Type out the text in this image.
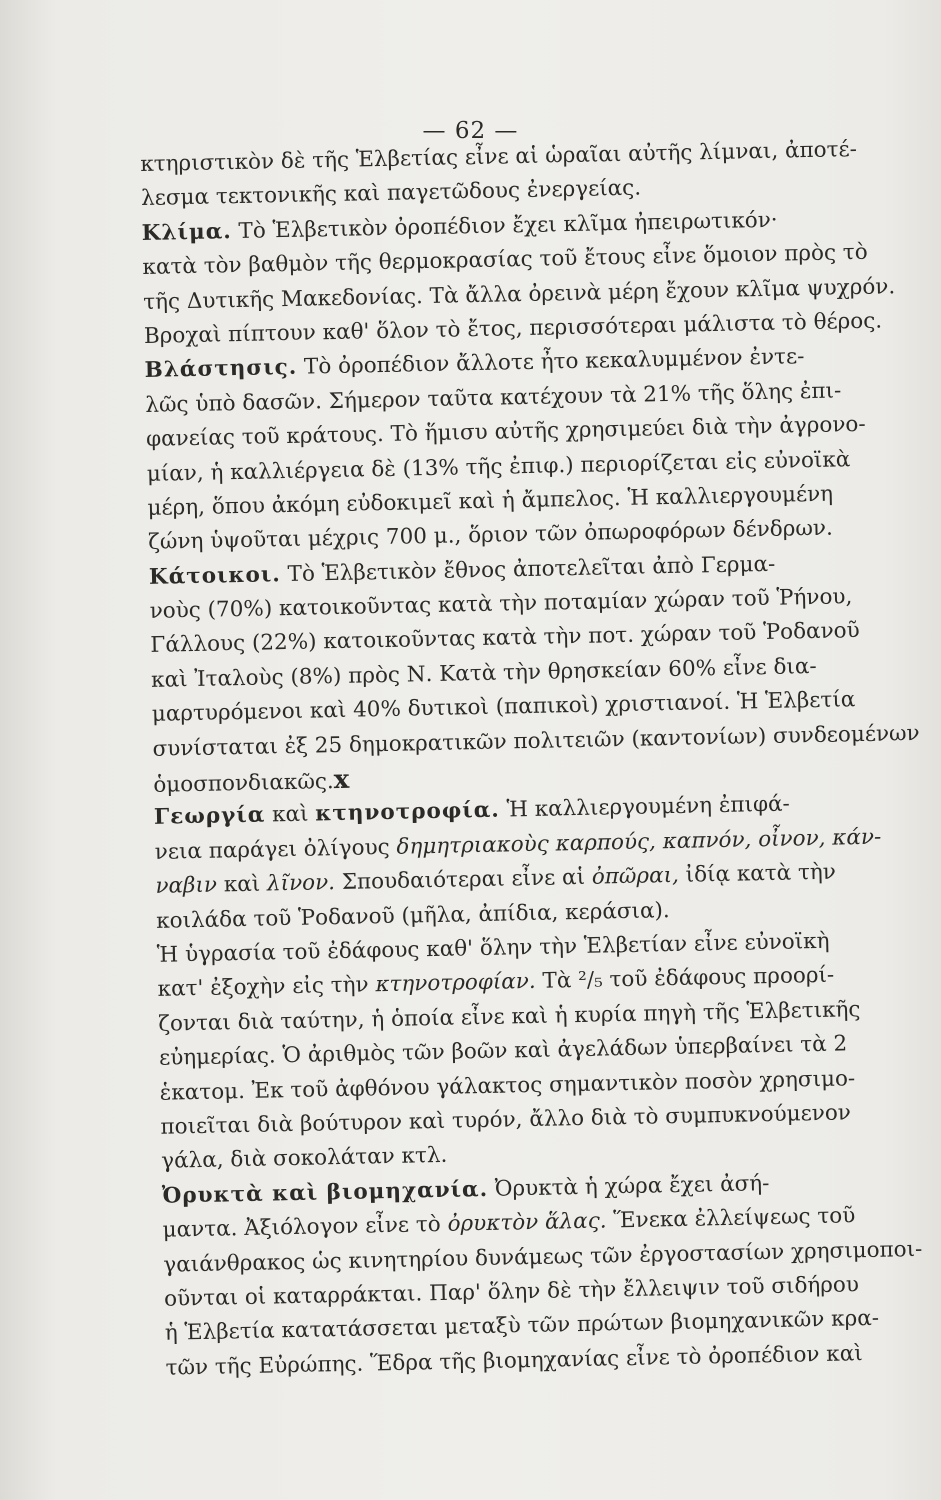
— 62 —
κτηριστικὸν δὲ τῆς Ἑλβετίας εἶνε αἱ ὡραῖαι αὐτῆς λίμναι, ἀποτέ-
λεσμα τεκτονικῆς καὶ παγετῶδους ἐνεργείας.
Κλίμα. Τὸ Ἑλβετικὸν ὀροπέδιον ἔχει κλῖμα ἠπειρωτικόν·
κατὰ τὸν βαθμὸν τῆς θερμοκρασίας τοῦ ἔτους εἶνε ὅμοιον πρὸς τὸ
τῆς Δυτικῆς Μακεδονίας. Τὰ ἄλλα ὀρεινὰ μέρη ἔχουν κλῖμα ψυχρόν.
Βροχαὶ πίπτουν καθ' ὅλον τὸ ἔτος, περισσότεραι μάλιστα τὸ θέρος.
Βλάστησις. Τὸ ὀροπέδιον ἄλλοτε ἦτο κεκαλυμμένον ἐντε-
λῶς ὑπὸ δασῶν. Σήμερον ταῦτα κατέχουν τὰ 21% τῆς ὅλης ἐπι-
φανείας τοῦ κράτους. Τὸ ἥμισυ αὐτῆς χρησιμεύει διὰ τὴν ἀγρονο-
μίαν, ἡ καλλιέργεια δὲ (13% τῆς ἐπιφ.) περιορίζεται εἰς εὐνοϊκὰ
μέρη, ὅπου ἀκόμη εὐδοκιμεῖ καὶ ἡ ἄμπελος. Ἡ καλλιεργουμένη
ζώνη ὑψοῦται μέχρις 700 μ., ὅριον τῶν ὀπωροφόρων δένδρων.
Κάτοικοι. Τὸ Ἑλβετικὸν ἔθνος ἀποτελεῖται ἀπὸ Γερμα-
νοὺς (70%) κατοικοῦντας κατὰ τὴν ποταμίαν χώραν τοῦ Ῥήνου,
Γάλλους (22%) κατοικοῦντας κατὰ τὴν ποτ. χώραν τοῦ Ῥοδανοῦ
καὶ Ἰταλοὺς (8%) πρὸς Ν. Κατὰ τὴν θρησκείαν 60% εἶνε δια-
μαρτυρόμενοι καὶ 40% δυτικοὶ (παπικοὶ) χριστιανοί. Ἡ Ἑλβετία
συνίσταται ἐξ 25 δημοκρατικῶν πολιτειῶν (καντονίων) συνδεομένων
ὁμοσπονδιακῶς.x
Γεωργία καὶ κτηνοτροφία. Ἡ καλλιεργουμένη ἐπιφά-
νεια παράγει ὀλίγους δημητριακοὺς καρπούς, καπνόν, οἶνον, κάν-
ναβιν καὶ λῖνον. Σπουδαιότεραι εἶνε αἱ ὀπῶραι, ἰδίᾳ κατὰ τὴν
κοιλάδα τοῦ Ῥοδανοῦ (μῆλα, ἀπίδια, κεράσια).
Ἡ ὑγρασία τοῦ ἐδάφους καθ' ὅλην τὴν Ἑλβετίαν εἶνε εὐνοϊκὴ
κατ' ἐξοχὴν εἰς τὴν κτηνοτροφίαν. Τὰ ²/₅ τοῦ ἐδάφους προορί-
ζονται διὰ ταύτην, ἡ ὁποία εἶνε καὶ ἡ κυρία πηγὴ τῆς Ἑλβετικῆς
εὐημερίας. Ὁ ἀριθμὸς τῶν βοῶν καὶ ἀγελάδων ὑπερβαίνει τὰ 2
ἑκατομ. Ἐκ τοῦ ἀφθόνου γάλακτος σημαντικὸν ποσὸν χρησιμο-
ποιεῖται διὰ βούτυρον καὶ τυρόν, ἄλλο διὰ τὸ συμπυκνούμενον
γάλα, διὰ σοκολάταν κτλ.
Ὀρυκτὰ καὶ βιομηχανία. Ὀρυκτὰ ἡ χώρα ἔχει ἀσή-
μαντα. Ἀξιόλογον εἶνε τὸ ὀρυκτὸν ἅλας. Ἕνεκα ἐλλείψεως τοῦ
γαιάνθρακος ὡς κινητηρίου δυνάμεως τῶν ἐργοστασίων χρησιμοποι-
οῦνται οἱ καταρράκται. Παρ' ὅλην δὲ τὴν ἔλλειψιν τοῦ σιδήρου
ἡ Ἑλβετία κατατάσσεται μεταξὺ τῶν πρώτων βιομηχανικῶν κρα-
τῶν τῆς Εὐρώπης. Ἕδρα τῆς βιομηχανίας εἶνε τὸ ὀροπέδιον καὶ
